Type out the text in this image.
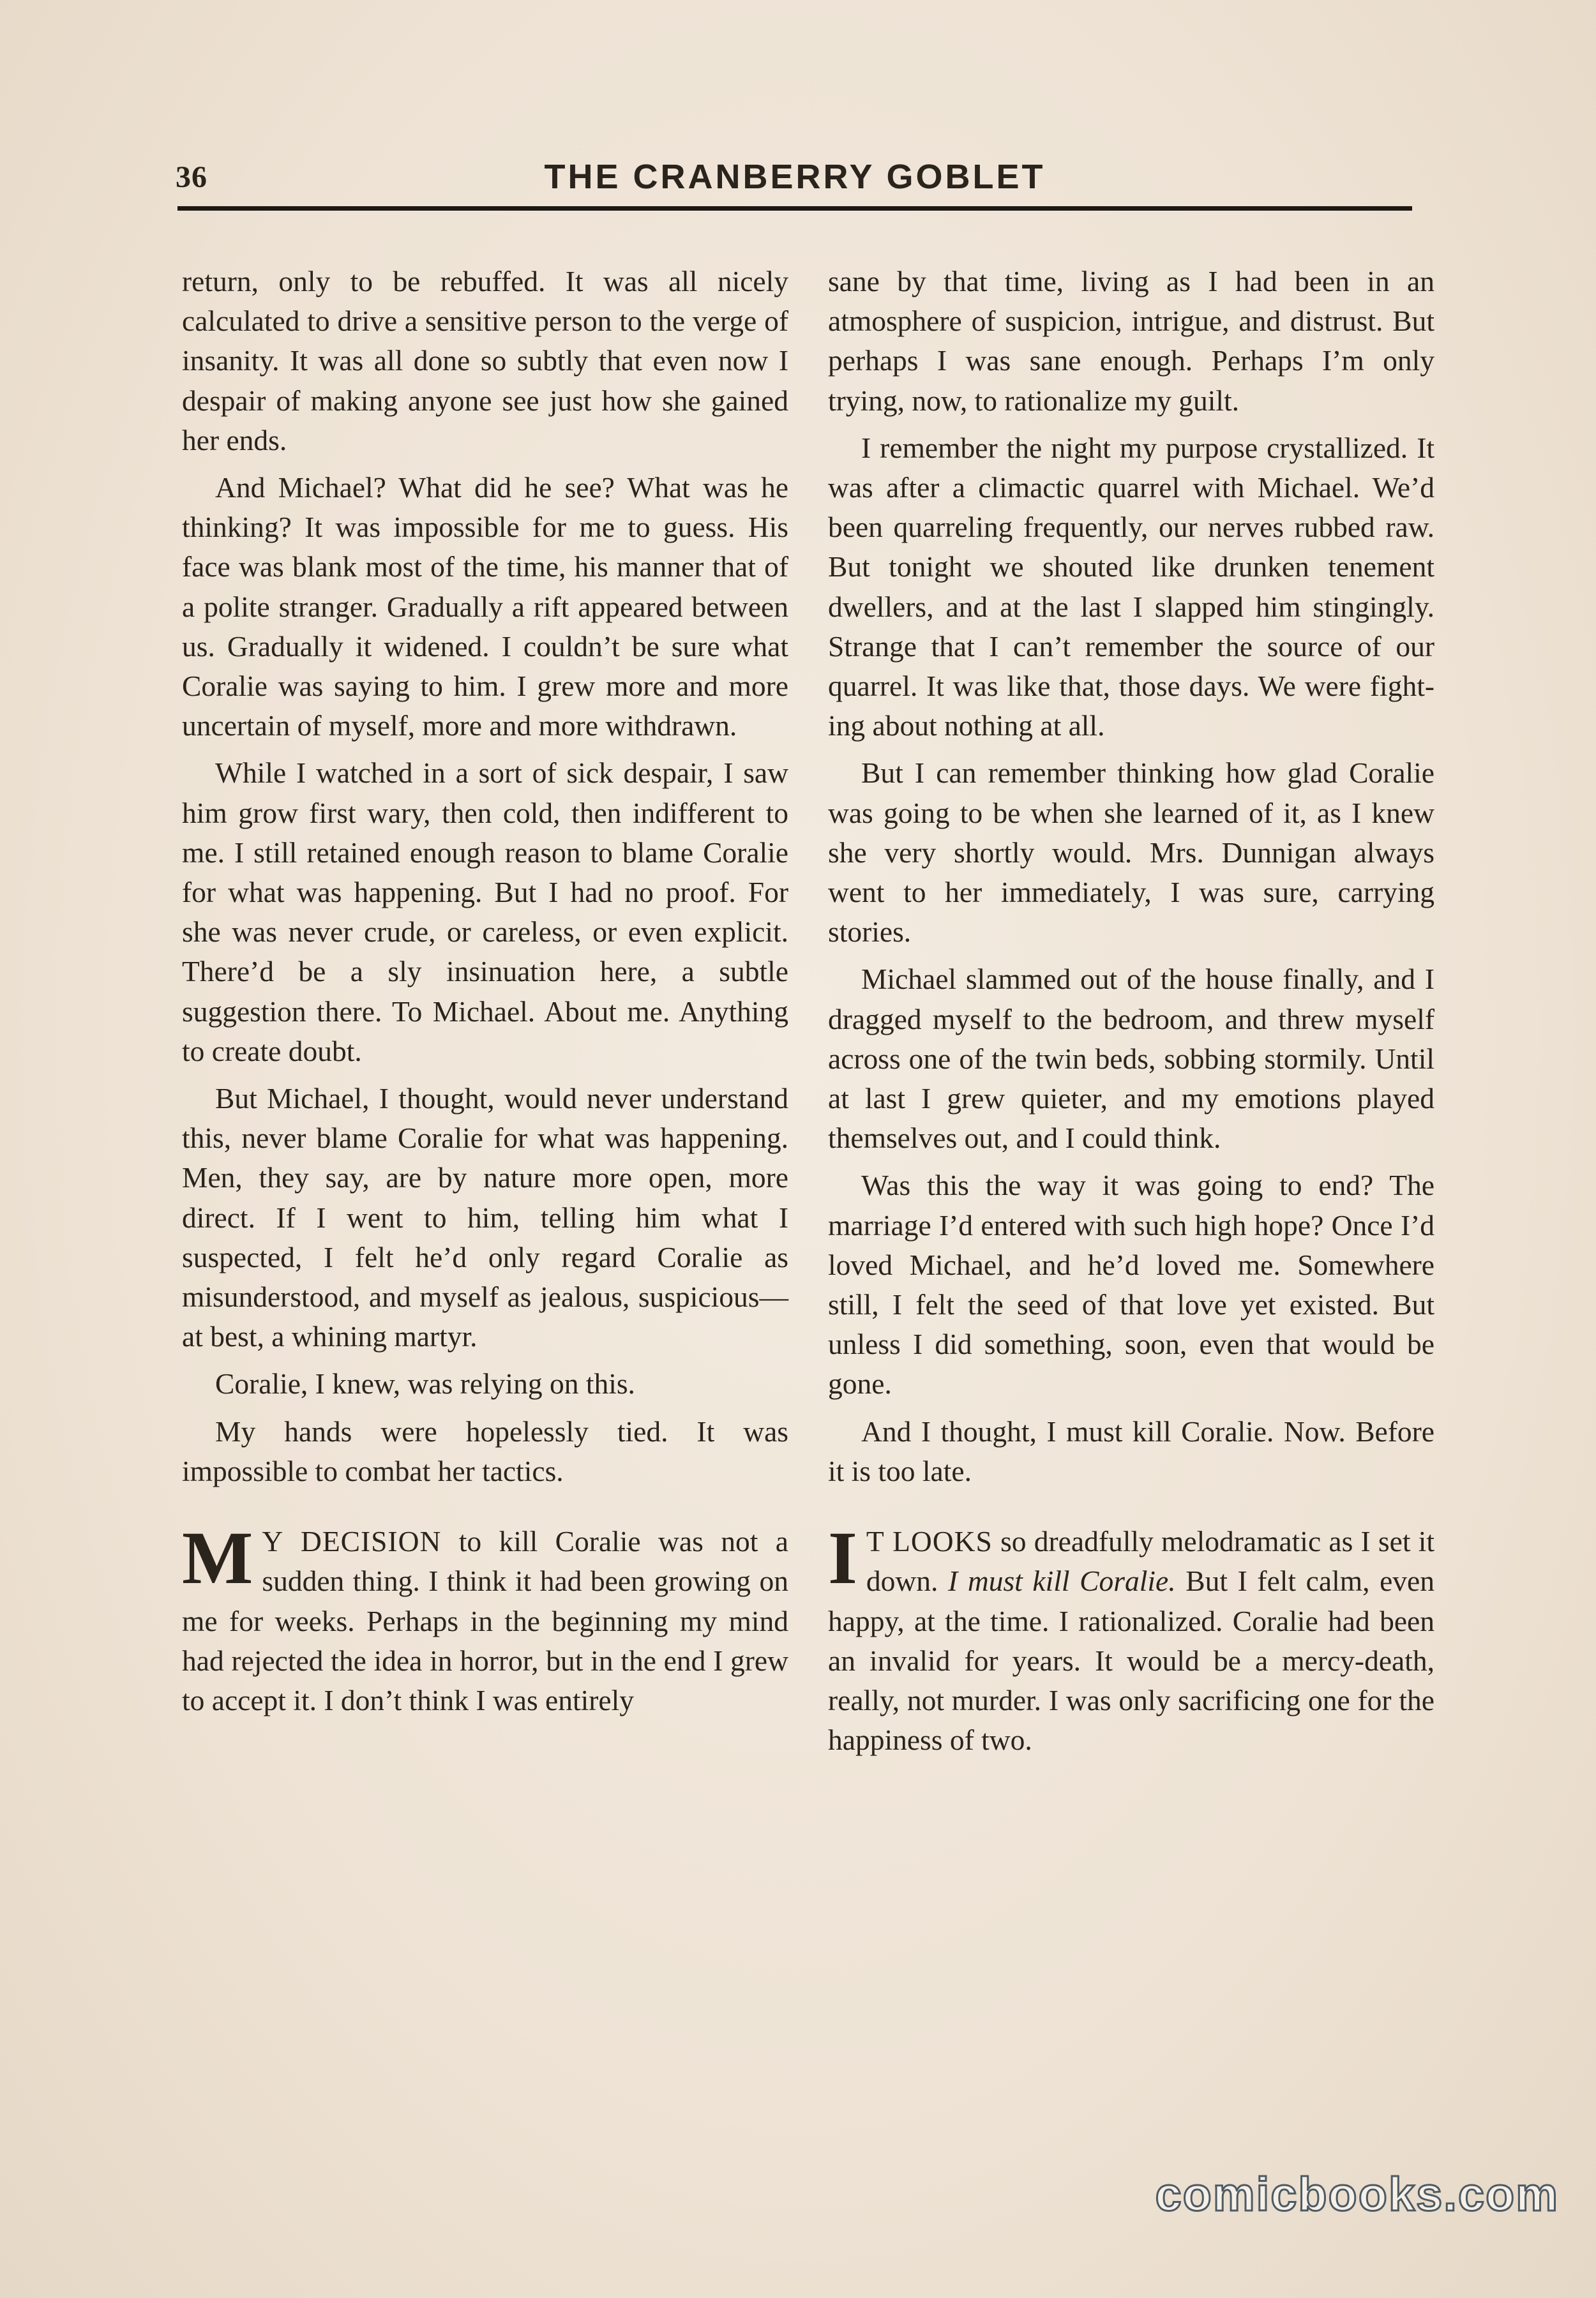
36	THE CRANBERRY GOBLET

return, only to be rebuffed. It was all nicely calculated to drive a sensitive person to the verge of insanity. It was all done so subtly that even now I despair of making anyone see just how she gained her ends.

And Michael? What did he see? What was he thinking? It was impossible for me to guess. His face was blank most of the time, his manner that of a polite stranger. Gradually a rift appeared between us. Gradually it widened. I couldn’t be sure what Coralie was saying to him. I grew more and more uncertain of myself, more and more withdrawn.

While I watched in a sort of sick despair, I saw him grow first wary, then cold, then indifferent to me. I still retained enough reason to blame Coralie for what was happening. But I had no proof. For she was never crude, or careless, or even explicit. There’d be a sly insinuation here, a subtle suggestion there. To Michael. About me. Anything to create doubt.

But Michael, I thought, would never understand this, never blame Coralie for what was happening. Men, they say, are by nature more open, more direct. If I went to him, telling him what I suspected, I felt he’d only regard Coralie as misunderstood, and myself as jealous, suspicious—at best, a whining martyr.

Coralie, I knew, was relying on this.

My hands were hopelessly tied. It was impossible to combat her tactics.

M Y DECISION to kill Coralie was not a sudden thing. I think it had been growing on me for weeks. Perhaps in the beginning my mind had rejected the idea in horror, but in the end I grew to accept it. I don’t think I was entirely

sane by that time, living as I had been in an atmosphere of suspicion, intrigue, and distrust. But perhaps I was sane enough. Perhaps I’m only trying, now, to rationalize my guilt.

I remember the night my purpose crystallized. It was after a climactic quarrel with Michael. We’d been quarreling frequently, our nerves rubbed raw. But tonight we shouted like drunken tenement dwellers, and at the last I slapped him stingingly. Strange that I can’t remember the source of our quarrel. It was like that, those days. We were fighting about nothing at all.

But I can remember thinking how glad Coralie was going to be when she learned of it, as I knew she very shortly would. Mrs. Dunnigan always went to her immediately, I was sure, carrying stories.

Michael slammed out of the house finally, and I dragged myself to the bedroom, and threw myself across one of the twin beds, sobbing stormily. Until at last I grew quieter, and my emotions played themselves out, and I could think.

Was this the way it was going to end? The marriage I’d entered with such high hope? Once I’d loved Michael, and he’d loved me. Somewhere still, I felt the seed of that love yet existed. But unless I did something, soon, even that would be gone.

And I thought, I must kill Coralie. Now. Before it is too late.

I T LOOKS so dreadfully melodramatic as I set it down. I must kill Coralie. But I felt calm, even happy, at the time. I rationalized. Coralie had been an invalid for years. It would be a mercy-death, really, not murder. I was only sacrificing one for the happiness of two.

comicbooks.com
